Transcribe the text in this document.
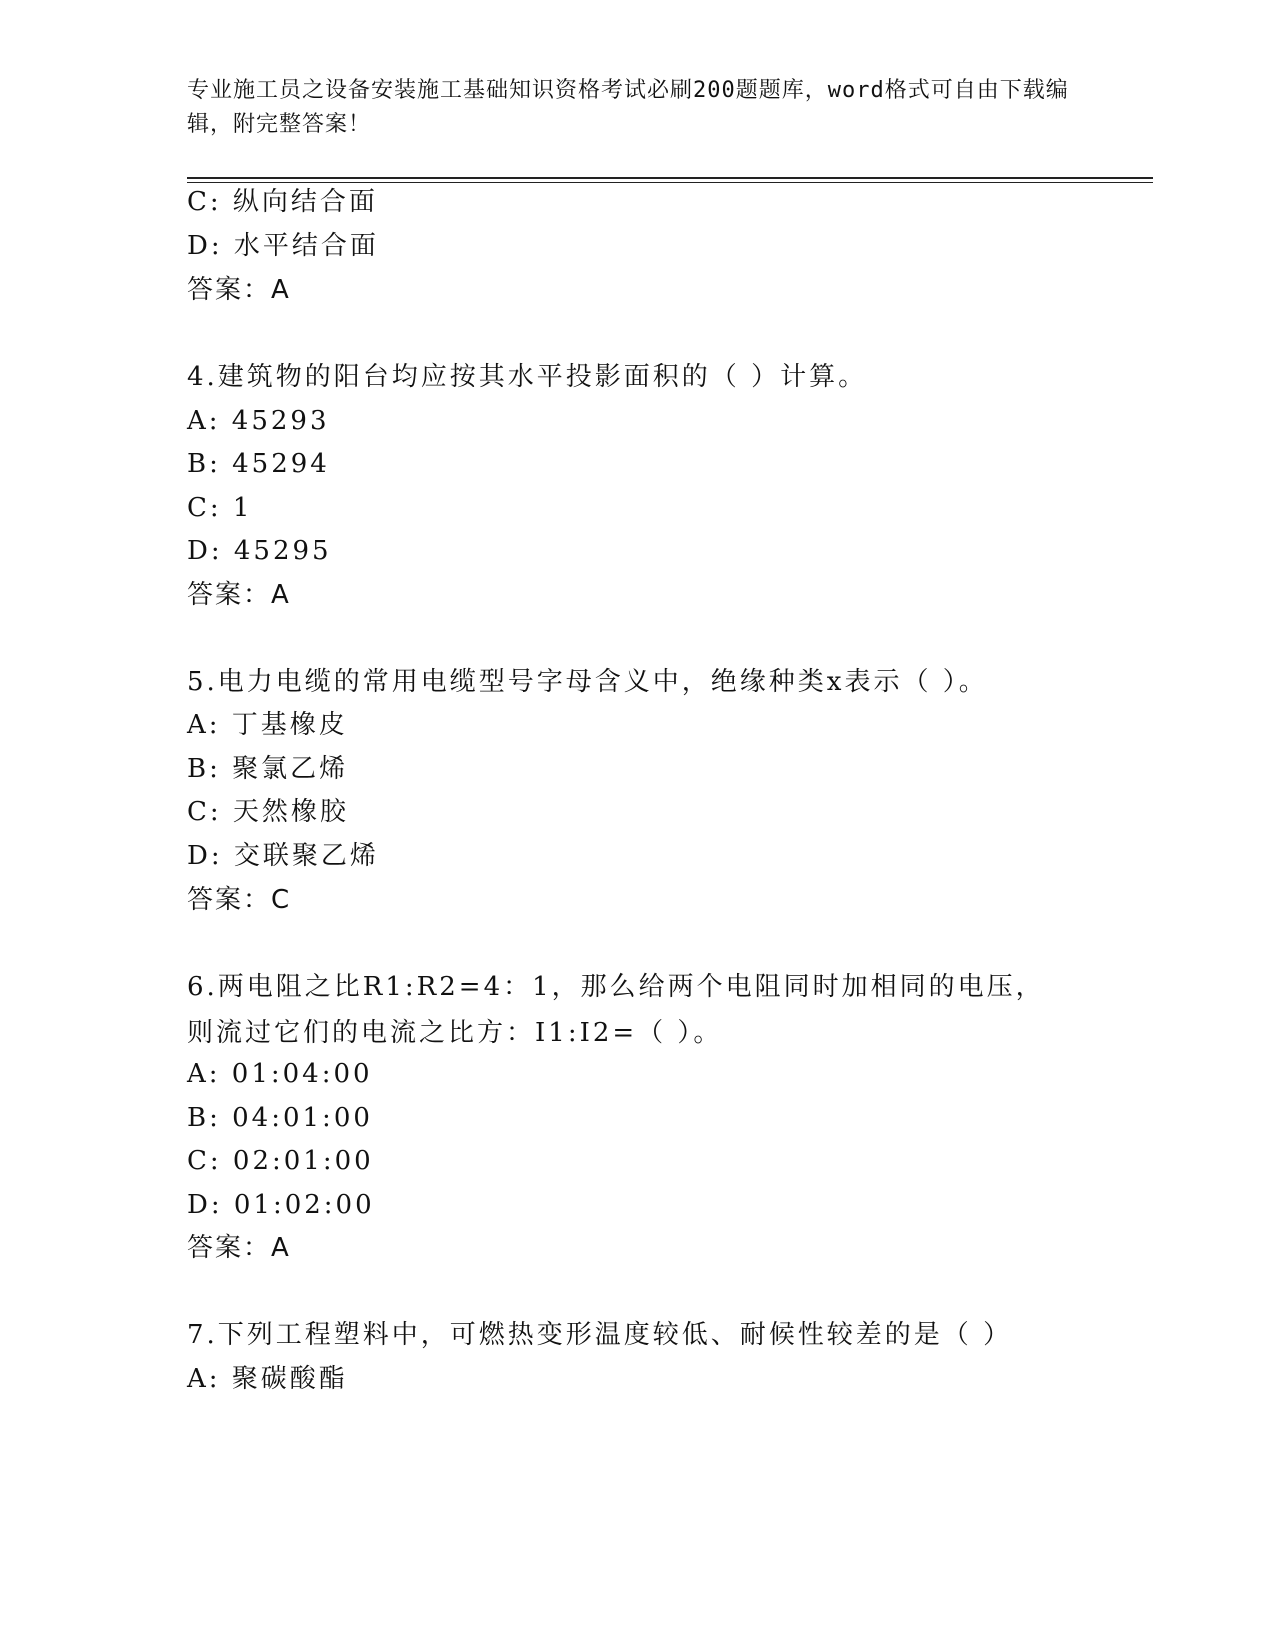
专业施工员之设备安装施工基础知识资格考试必刷200题题库，word格式可自由下载编辑，附完整答案！
C: 纵向结合面
D: 水平结合面
答案：A
4.建筑物的阳台均应按其水平投影面积的（ ）计算。
A: 45293
B: 45294
C: 1
D: 45295
答案：A
5.电力电缆的常用电缆型号字母含义中，绝缘种类x表示（ ）。
A: 丁基橡皮
B: 聚氯乙烯
C: 天然橡胶
D: 交联聚乙烯
答案：C
6.两电阻之比R1:R2=4：1，那么给两个电阻同时加相同的电压，则流过它们的电流之比方：I1:I2=（ ）。
A: 01:04:00
B: 04:01:00
C: 02:01:00
D: 01:02:00
答案：A
7.下列工程塑料中，可燃热变形温度较低、耐候性较差的是（ ）
A: 聚碳酸酯
